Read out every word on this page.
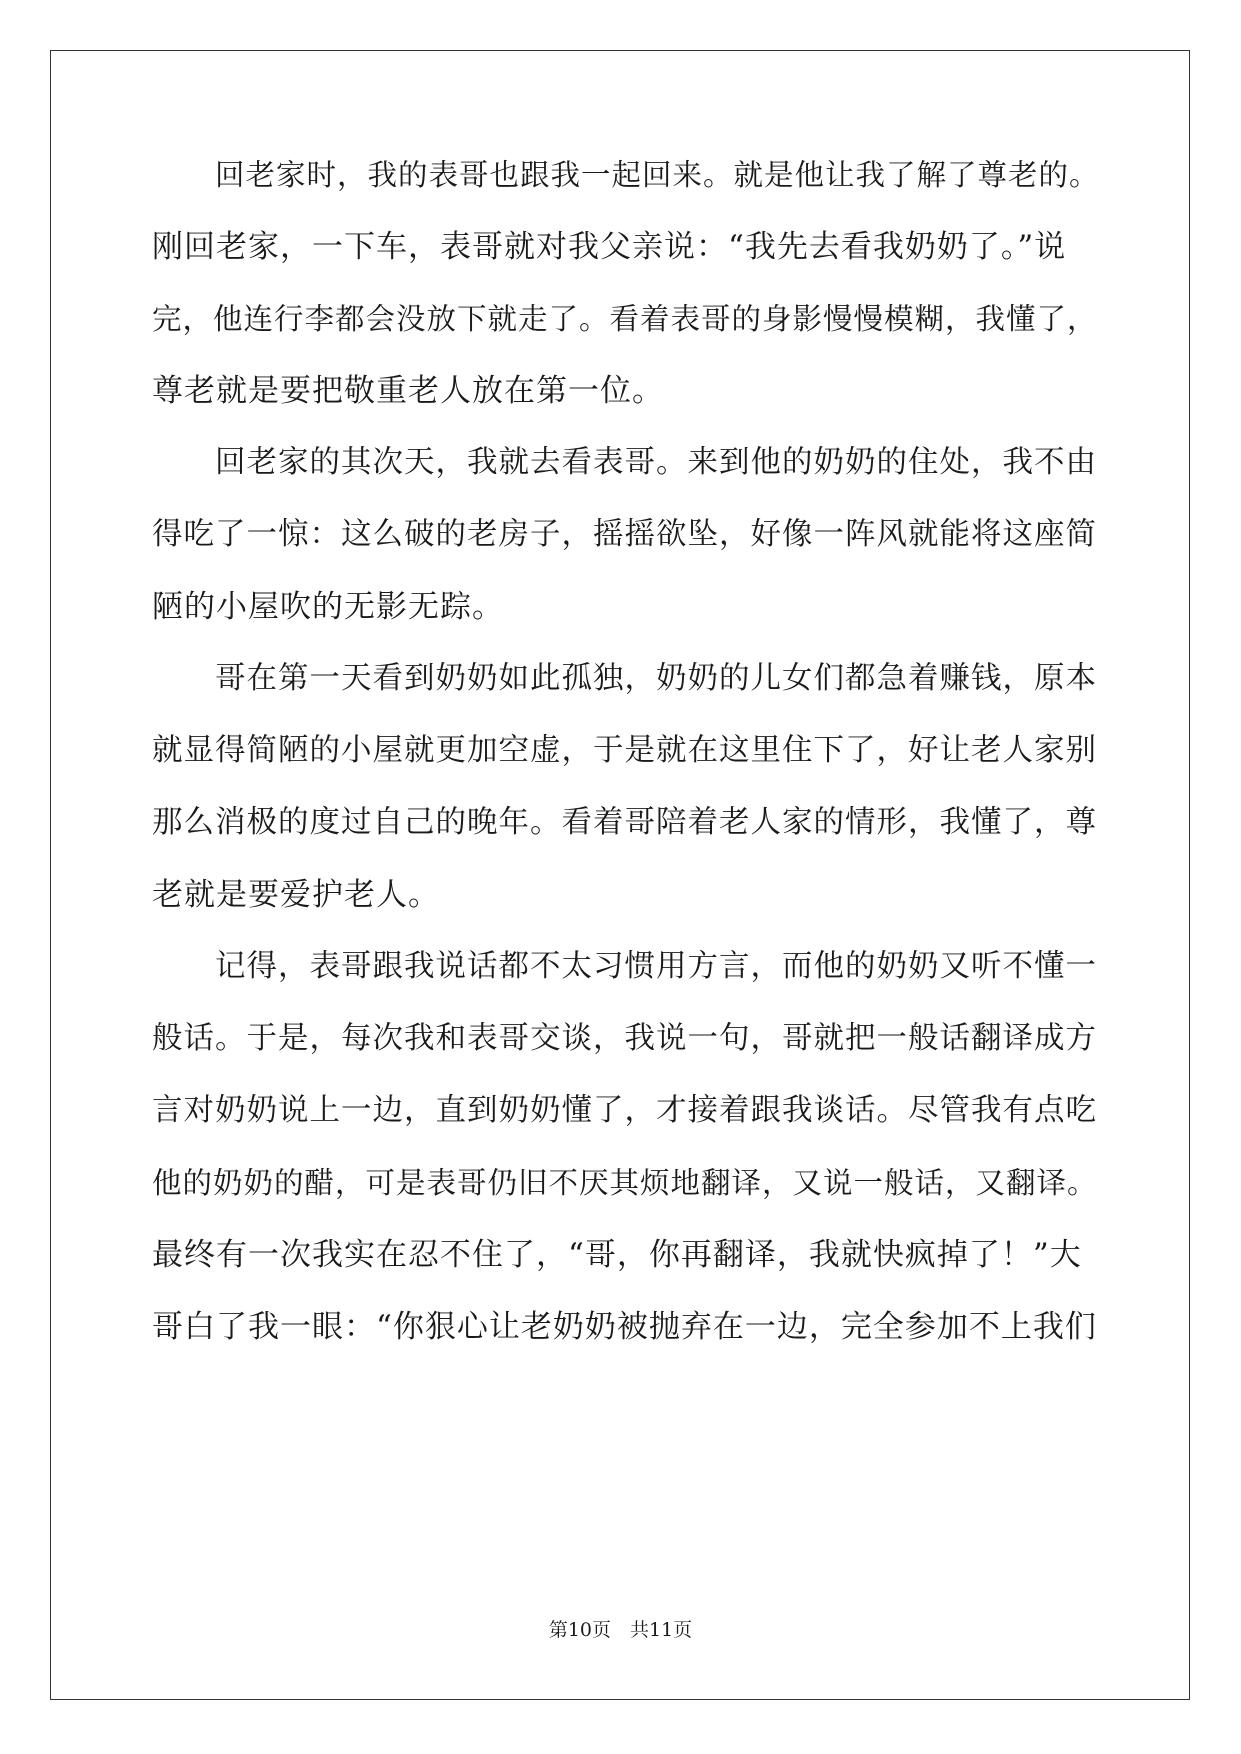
回老家时，我的表哥也跟我一起回来。就是他让我了解了尊老的。
刚回老家，一下车，表哥就对我父亲说：“我先去看我奶奶了。”说
完，他连行李都会没放下就走了。看着表哥的身影慢慢模糊，我懂了，
尊老就是要把敬重老人放在第一位。
回老家的其次天，我就去看表哥。来到他的奶奶的住处，我不由
得吃了一惊：这么破的老房子，摇摇欲坠，好像一阵风就能将这座简
陋的小屋吹的无影无踪。
哥在第一天看到奶奶如此孤独，奶奶的儿女们都急着赚钱，原本
就显得简陋的小屋就更加空虚，于是就在这里住下了，好让老人家别
那么消极的度过自己的晚年。看着哥陪着老人家的情形，我懂了，尊
老就是要爱护老人。
记得，表哥跟我说话都不太习惯用方言，而他的奶奶又听不懂一
般话。于是，每次我和表哥交谈，我说一句，哥就把一般话翻译成方
言对奶奶说上一边，直到奶奶懂了，才接着跟我谈话。尽管我有点吃
他的奶奶的醋，可是表哥仍旧不厌其烦地翻译，又说一般话，又翻译。
最终有一次我实在忍不住了，“哥，你再翻译，我就快疯掉了！”大
哥白了我一眼：“你狠心让老奶奶被抛弃在一边，完全参加不上我们
第10页　共11页
